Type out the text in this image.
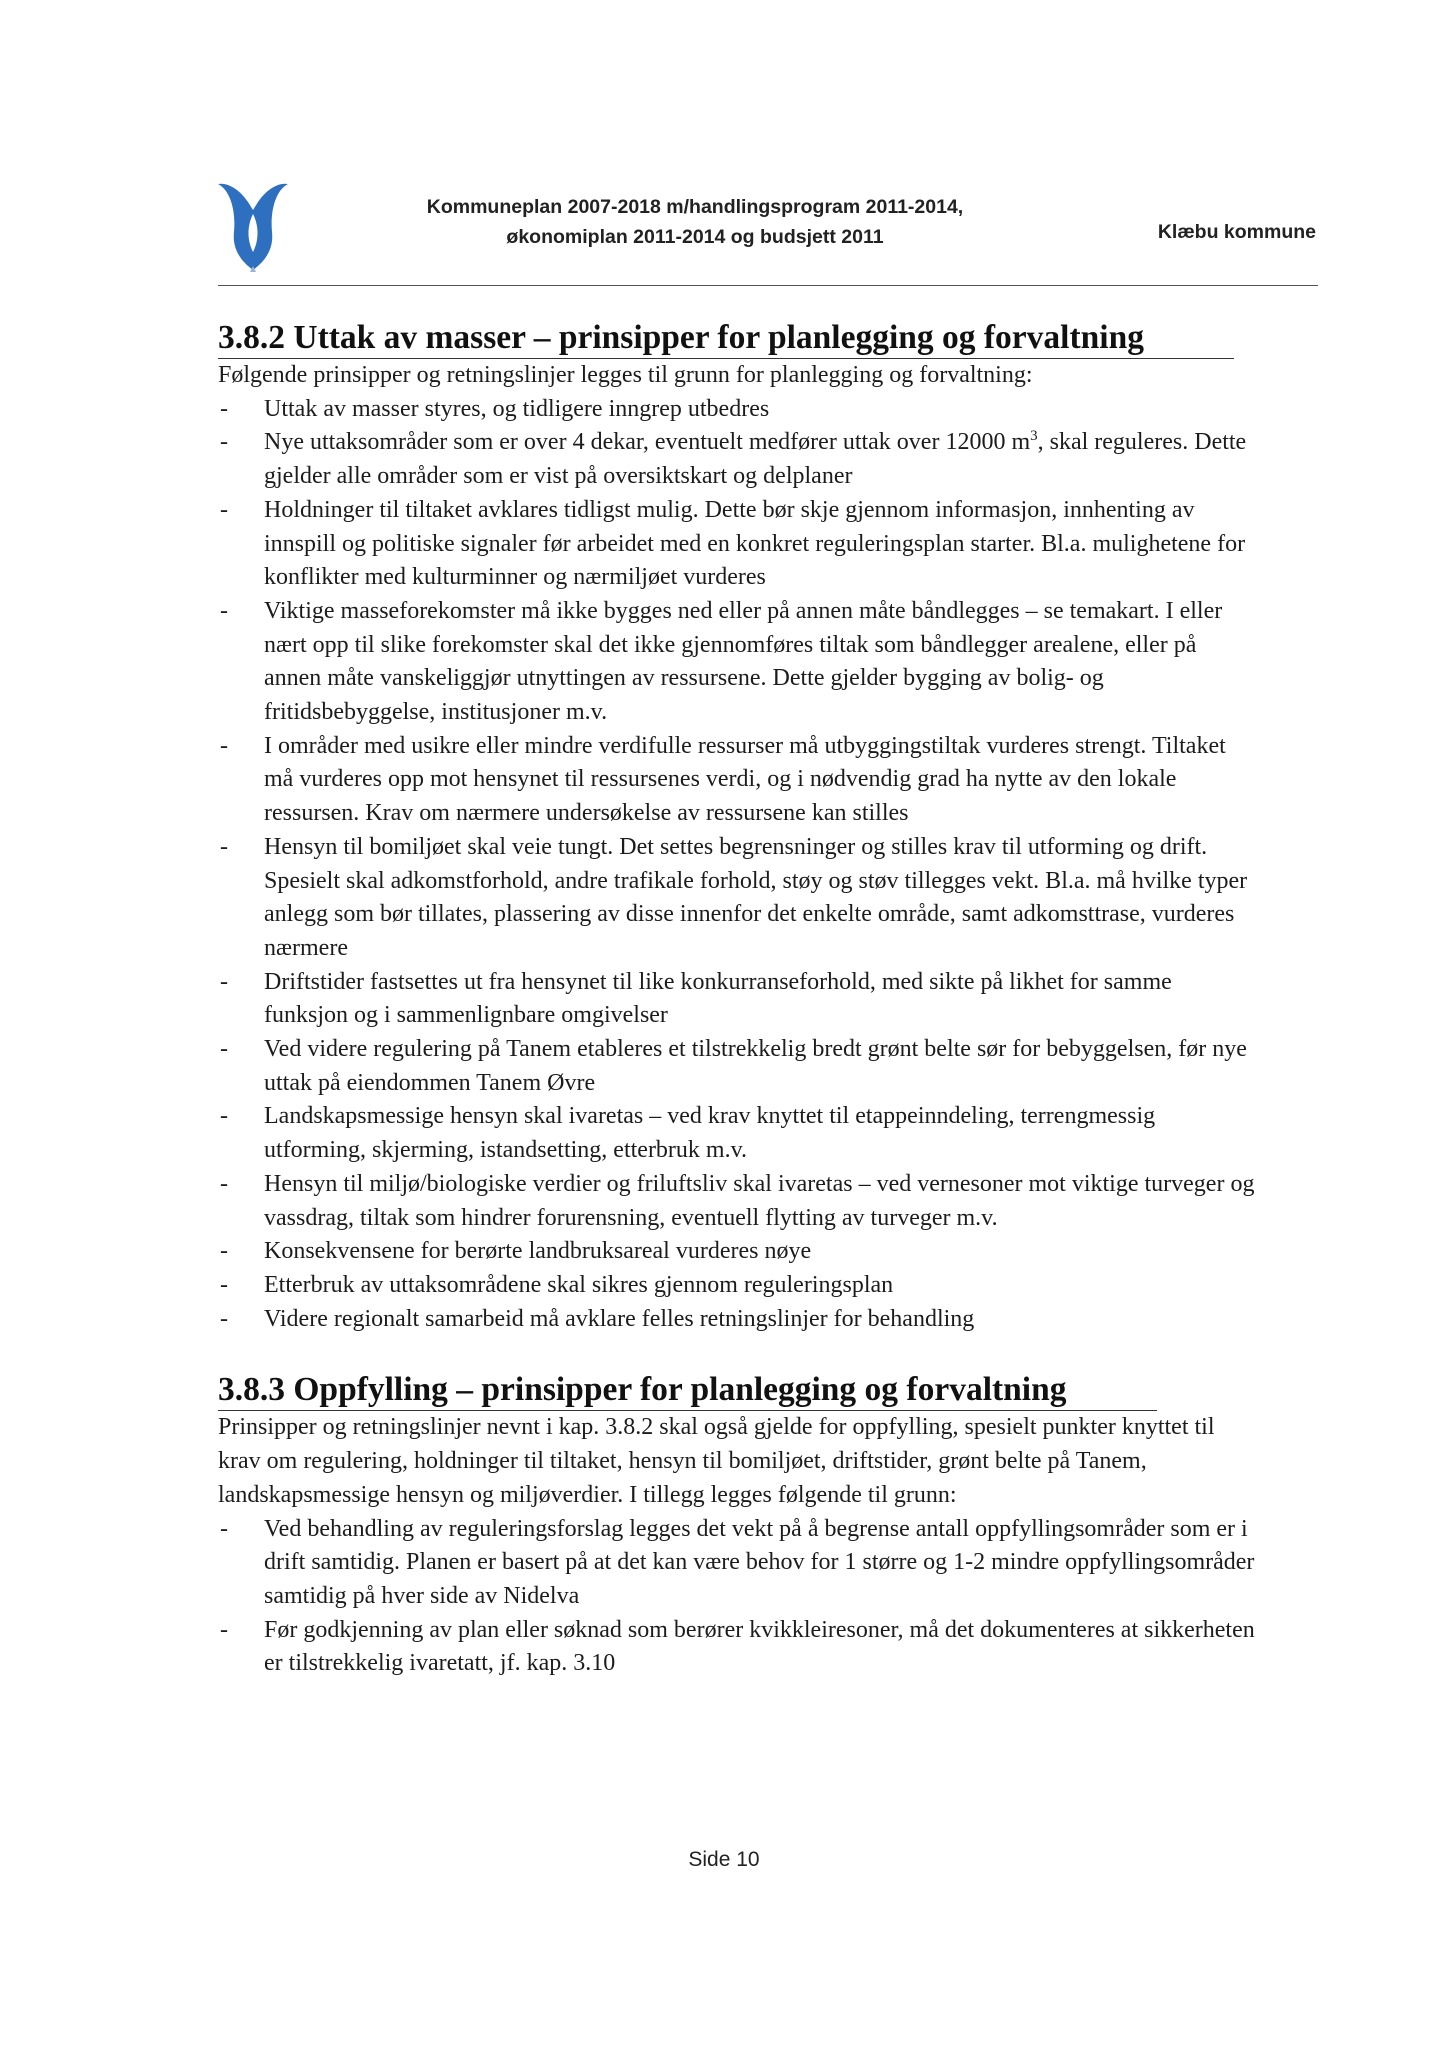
Kommuneplan 2007-2018 m/handlingsprogram 2011-2014,
økonomiplan 2011-2014 og budsjett 2011	Klæbu kommune
3.8.2 Uttak av masser – prinsipper for planlegging og forvaltning

Følgende prinsipper og retningslinjer legges til grunn for planlegging og forvaltning:

-	Uttak av masser styres, og tidligere inngrep utbedres
-	Nye uttaksområder som er over 4 dekar, eventuelt medfører uttak over 12000 $m^3$, skal reguleres. Dette gjelder alle områder som er vist på oversiktskart og delplaner
-	Holdninger til tiltaket avklares tidligst mulig. Dette bør skje gjennom informasjon, innhenting av innspill og politiske signaler før arbeidet med en konkret reguleringsplan starter. Bl.a. mulighetene for konflikter med kulturminner og nærmiljøet vurderes
-	Viktige masseforekomster må ikke bygges ned eller på annen måte båndlegges – se temakart. I eller nært opp til slike forekomster skal det ikke gjennomføres tiltak som båndlegger arealene, eller på annen måte vanskeliggjør utnyttingen av ressursene. Dette gjelder bygging av bolig- og fritidsbebyggelse, institusjoner m.v.
-	I områder med usikre eller mindre verdifulle ressurser må utbyggingstiltak vurderes strengt. Tiltaket må vurderes opp mot hensynet til ressursenes verdi, og i nødvendig grad ha nytte av den lokale ressursen. Krav om nærmere undersøkelse av ressursene kan stilles
-	Hensyn til bomiljøet skal veie tungt. Det settes begrensninger og stilles krav til utforming og drift. Spesielt skal adkomstforhold, andre trafikale forhold, støy og støv tillegges vekt. Bl.a. må hvilke typer anlegg som bør tillates, plassering av disse innenfor det enkelte område, samt adkomsttrase, vurderes nærmere
-	Driftstider fastsettes ut fra hensynet til like konkurranseforhold, med sikte på likhet for samme funksjon og i sammenlignbare omgivelser
-	Ved videre regulering på Tanem etableres et tilstrekkelig bredt grønt belte sør for bebyggelsen, før nye uttak på eiendommen Tanem Øvre
-	Landskapsmessige hensyn skal ivaretas – ved krav knyttet til etappeinndeling, terrengmessig utforming, skjerming, istandsetting, etterbruk m.v.
-	Hensyn til miljø/biologiske verdier og friluftsliv skal ivaretas – ved vernesoner mot viktige turveger og vassdrag, tiltak som hindrer forurensning, eventuell flytting av turveger m.v.
-	Konsekvensene for berørte landbruksareal vurderes nøye
-	Etterbruk av uttaksområdene skal sikres gjennom reguleringsplan
-	Videre regionalt samarbeid må avklare felles retningslinjer for behandling
3.8.3 Oppfylling – prinsipper for planlegging og forvaltning

Prinsipper og retningslinjer nevnt i kap. 3.8.2 skal også gjelde for oppfylling, spesielt punkter knyttet til krav om regulering, holdninger til tiltaket, hensyn til bomiljøet, driftstider, grønt belte på Tanem, landskapsmessige hensyn og miljøverdier. I tillegg legges følgende til grunn:

-	Ved behandling av reguleringsforslag legges det vekt på å begrense antall oppfyllingsområder som er i drift samtidig. Planen er basert på at det kan være behov for 1 større og 1-2 mindre oppfyllingsområder samtidig på hver side av Nidelva
-	Før godkjenning av plan eller søknad som berører kvikkleiresoner, må det dokumenteres at sikkerheten er tilstrekkelig ivaretatt, jf. kap. 3.10
Side 10
